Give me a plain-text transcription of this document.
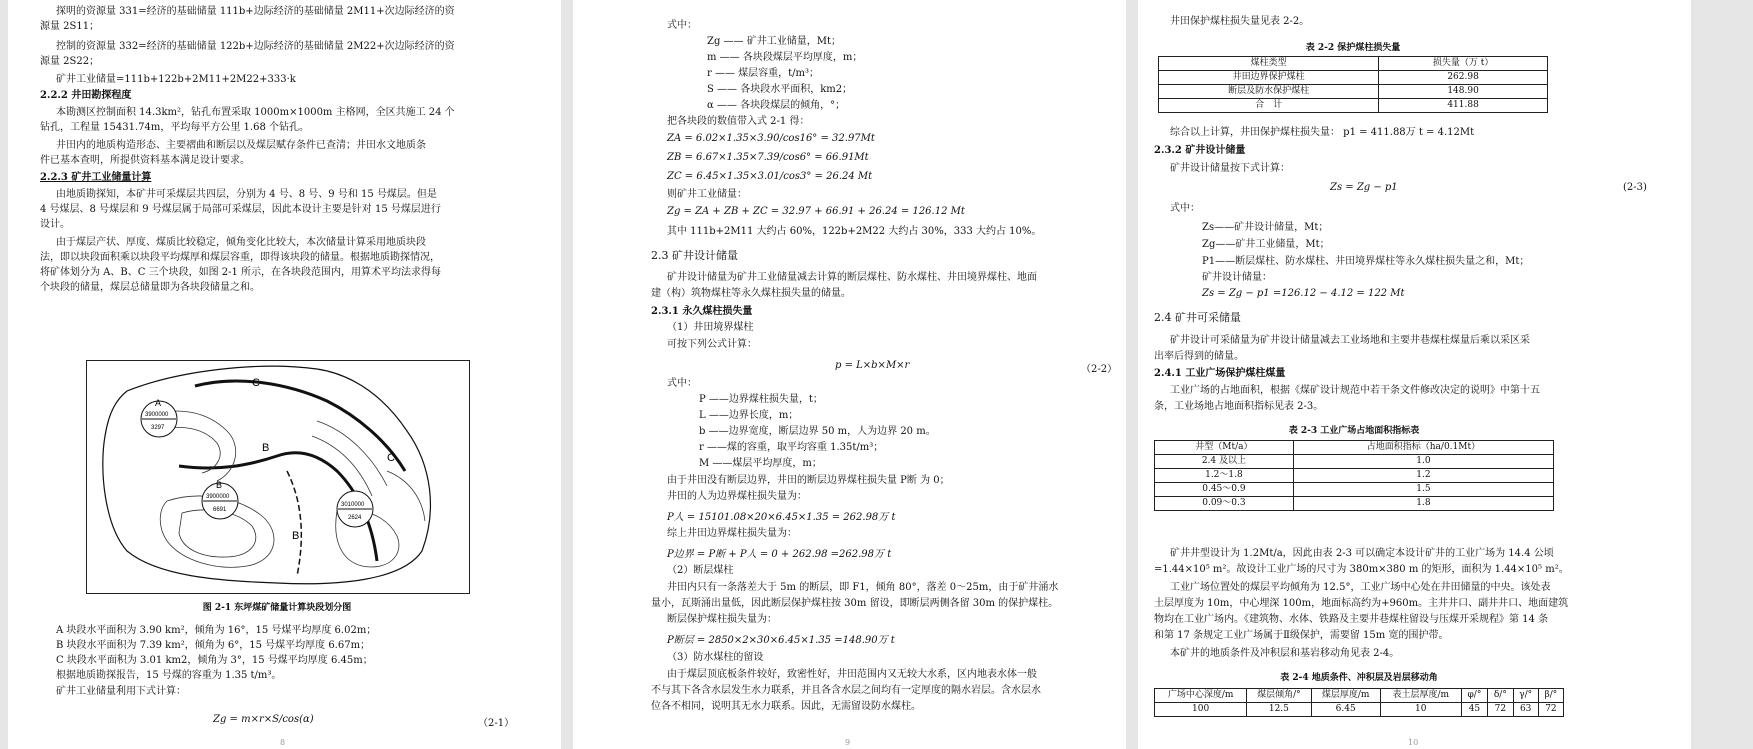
探明的资源量 331=经济的基础储量 111b+边际经济的基础储量 2M11+次边际经济的资
源量 2S11；
控制的资源量 332=经济的基础储量 122b+边际经济的基础储量 2M22+次边际经济的资
源量 2S22；
矿井工业储量=111b+122b+2M11+2M22+333·k
2.2.2 井田勘探程度
本勘测区控制面积 14.3km²，钻孔布置采取 1000m×1000m 主格网，全区共施工 24 个
钻孔，工程量 15431.74m，平均每平方公里 1.68 个钻孔。
井田内的地质构造形态、主要褶曲和断层以及煤层赋存条件已查清；井田水文地质条
件已基本查明，所提供资料基本满足设计要求。
2.2.3 矿井工业储量计算
由地质勘探知，本矿井可采煤层共四层，分别为 4 号、8 号、9 号和 15 号煤层。但是
4 号煤层、8 号煤层和 9 号煤层属于局部可采煤层，因此本设计主要是针对 15 号煤层进行
设计。
由于煤层产状、厚度、煤质比较稳定，倾角变化比较大，本次储量计算采用地质块段
法，即以块段面积乘以块段平均煤厚和煤层容重，即得该块段的储量。根据地质勘探情况，
将矿体划分为 A、B、C 三个块段，如图 2-1 所示，在各块段范围内，用算术平均法求得每
个块段的储量，煤层总储量即为各块段储量之和。
A
3900000
3297
B
3900000
6691
3010000
2624
C
B
B
C
图 2-1 东坪煤矿储量计算块段划分图
A 块段水平面积为 3.90 km²，倾角为 16°，15 号煤平均厚度 6.02m；
B 块段水平面积为 7.39 km²，倾角为 6°，15 号煤平均厚度 6.67m；
C 块段水平面积为 3.01 km2，倾角为 3°，15 号煤平均厚度 6.45m；
根据地质勘探报告，15 号煤的容重为 1.35 t/m³。
矿井工业储量利用下式计算：
Zg = m×r×S/cos(α)	（2-1）
8
式中：
Zg —— 矿井工业储量，Mt；
m —— 各块段煤层平均厚度，m；
r —— 煤层容重，t/m³；
S —— 各块段水平面积，km2；
α —— 各块段煤层的倾角，°；
把各块段的数值带入式 2-1 得：
ZA = 6.02×1.35×3.90/cos16° = 32.97Mt
ZB = 6.67×1.35×7.39/cos6° = 66.91Mt
ZC = 6.45×1.35×3.01/cos3° = 26.24 Mt
则矿井工业储量：
Zg = ZA + ZB + ZC = 32.97 + 66.91 + 26.24 = 126.12 Mt
其中 111b+2M11 大约占 60%，122b+2M22 大约占 30%，333 大约占 10%。
2.3 矿井设计储量
矿井设计储量为矿井工业储量减去计算的断层煤柱、防水煤柱、井田境界煤柱、地面
建（构）筑物煤柱等永久煤柱损失量的储量。
2.3.1 永久煤柱损失量
（1）井田境界煤柱
可按下列公式计算：
p = L×b×M×r	（2-2）
式中：
P ——边界煤柱损失量，t；
L ——边界长度，m；
b ——边界宽度，断层边界 50 m，人为边界 20 m。
r ——煤的容重，取平均容重 1.35t/m³；
M ——煤层平均厚度，m；
由于井田没有断层边界，井田的断层边界煤柱损失量 P断 为 0；
井田的人为边界煤柱损失量为：
P人 = 15101.08×20×6.45×1.35 = 262.98万 t
综上井田边界煤柱损失量为：
P边界 = P断 + P人 = 0 + 262.98 =262.98万 t
（2）断层煤柱
井田内只有一条落差大于 5m 的断层，即 F1，倾角 80°，落差 0～25m，由于矿井涌水
量小，瓦斯涌出量低，因此断层保护煤柱按 30m 留设，即断层两侧各留 30m 的保护煤柱。
断层保护煤柱损失量为：
P断层 = 2850×2×30×6.45×1.35 =148.90万 t
（3）防水煤柱的留设
由于煤层顶底板条件较好，致密性好，井田范围内又无较大水系，区内地表水体一般
不与其下各含水层发生水力联系，并且各含水层之间均有一定厚度的隔水岩层。含水层水
位各不相同，说明其无水力联系。因此，无需留设防水煤柱。
9
井田保护煤柱损失量见表 2-2。
表 2-2 保护煤柱损失量
煤柱类型	损失量（万 t）
井田边界保护煤柱	262.98
断层及防水保护煤柱	148.90
合　计	411.88
综合以上计算，井田保护煤柱损失量： p1 = 411.88万 t = 4.12Mt
2.3.2 矿井设计储量
矿井设计储量按下式计算：
Zs = Zg − p1	(2-3)
式中：
Zs——矿井设计储量，Mt；
Zg——矿井工业储量，Mt；
P1——断层煤柱、防水煤柱、井田境界煤柱等永久煤柱损失量之和，Mt；
矿井设计储量：
Zs = Zg − p1 =126.12 − 4.12 = 122 Mt
2.4 矿井可采储量
矿井设计可采储量为矿井设计储量减去工业场地和主要井巷煤柱煤量后乘以采区采
出率后得到的储量。
2.4.1 工业广场保护煤柱煤量
工业广场的占地面积，根据《煤矿设计规范中若干条文件修改决定的说明》中第十五
条，工业场地占地面积指标见表 2-3。
表 2-3 工业广场占地面积指标表
井型（Mt/a）	占地面积指标（ha/0.1Mt）
2.4 及以上	1.0
1.2～1.8	1.2
0.45～0.9	1.5
0.09～0.3	1.8
矿井井型设计为 1.2Mt/a，因此由表 2-3 可以确定本设计矿井的工业广场为 14.4 公顷
=1.44×10⁵ m²。故设计工业广场的尺寸为 380m×380 m 的矩形，面积为 1.44×10⁵ m²。
工业广场位置处的煤层平均倾角为 12.5°，工业广场中心处在井田储量的中央。该处表
土层厚度为 10m，中心埋深 100m，地面标高约为+960m。主井井口、副井井口、地面建筑
物均在工业广场内。《建筑物、水体、铁路及主要井巷煤柱留设与压煤开采规程》第 14 条
和第 17 条规定工业广场属于Ⅱ级保护，需要留 15m 宽的围护带。
本矿井的地质条件及冲积层和基岩移动角见表 2-4。
表 2-4 地质条件、冲积层及岩层移动角
广场中心深度/m	煤层倾角/°	煤层厚度/m	表土层厚度/m	φ/°	δ/°	γ/°	β/°
100	12.5	6.45	10	45	72	63	72
10
